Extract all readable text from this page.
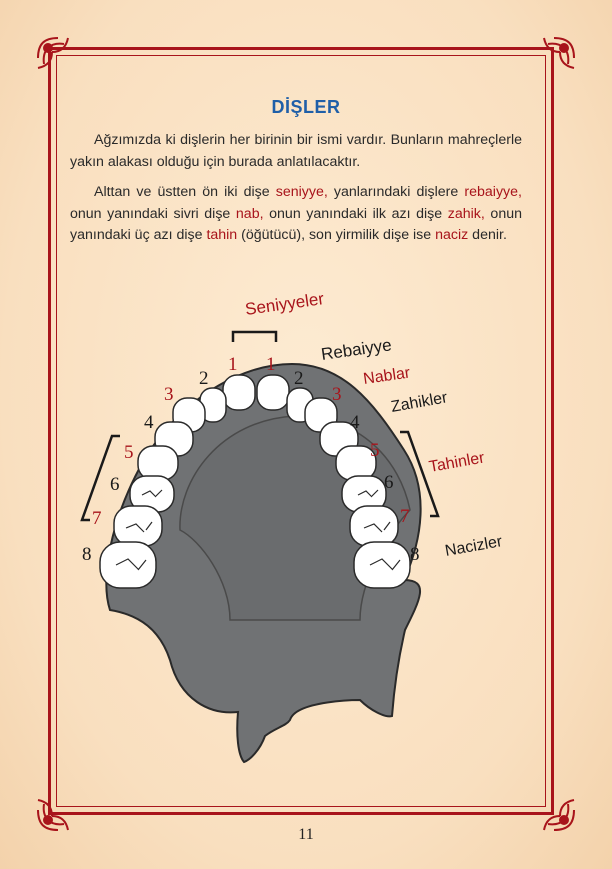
DİŞLER

Ağzımızda ki dişlerin her birinin bir ismi vardır. Bunların mahreçlerle yakın alakası olduğu için burada anlatılacaktır.

Alttan ve üstten ön iki dişe seniyye, yanlarındaki dişlere rebaiyye, onun yanındaki sivri dişe nab, onun yanındaki ilk azı dişe zahik, onun yanındaki üç azı dişe tahin (öğütücü), son yirmilik dişe ise naciz denir.

Seniyyeler
Rebaiyye
Nablar
Zahikler
Tahinler
Nacizler
1 1
2	2
3	3
4	4
5	5
6	6
7	7
8	8
11
